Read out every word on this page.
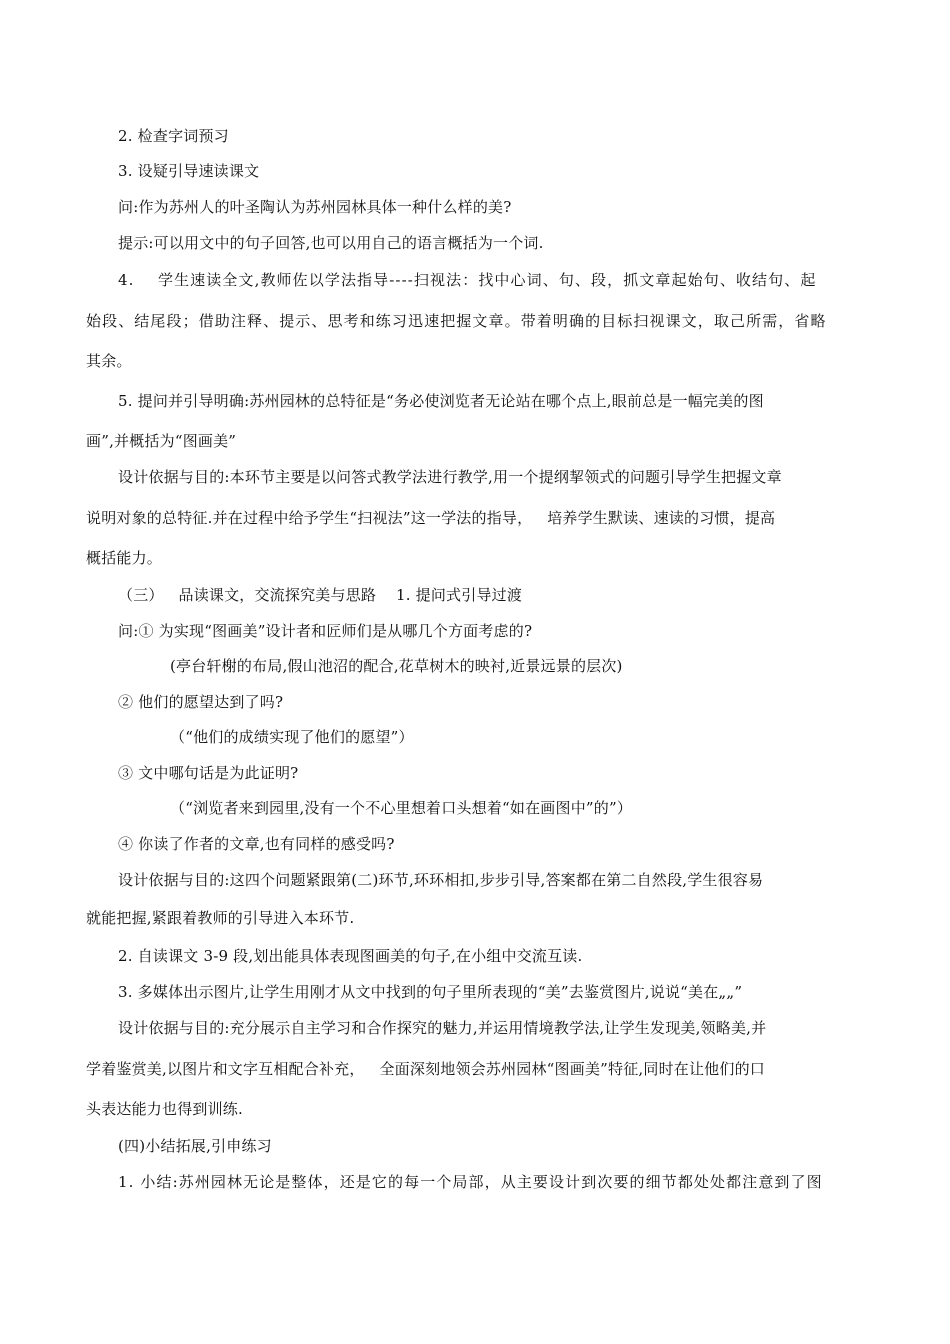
2. 检查字词预习
3. 设疑引导速读课文
问:作为苏州人的叶圣陶认为苏州园林具体一种什么样的美?
提示:可以用文中的句子回答,也可以用自己的语言概括为一个词.
4.    学生速读全文,教师佐以学法指导----扫视法：找中心词、句、段，抓文章起始句、收结句、起
始段、结尾段；借助注释、提示、思考和练习迅速把握文章。带着明确的目标扫视课文，取己所需，省略
其余。
5. 提问并引导明确:苏州园林的总特征是“务必使浏览者无论站在哪个点上,眼前总是一幅完美的图
画”,并概括为“图画美”
设计依据与目的:本环节主要是以问答式教学法进行教学,用一个提纲挈领式的问题引导学生把握文章
说明对象的总特征.并在过程中给予学生“扫视法”这一学法的指导，   培养学生默读、速读的习惯，提高
概括能力。
（三）   品读课文，交流探究美与思路    1. 提问式引导过渡
问:① 为实现“图画美”设计者和匠师们是从哪几个方面考虑的?
(亭台轩榭的布局,假山池沼的配合,花草树木的映衬,近景远景的层次)
② 他们的愿望达到了吗?
（“他们的成绩实现了他们的愿望”）
③ 文中哪句话是为此证明?
（“浏览者来到园里,没有一个不心里想着口头想着“如在画图中”的”）
④ 你读了作者的文章,也有同样的感受吗?
设计依据与目的:这四个问题紧跟第(二)环节,环环相扣,步步引导,答案都在第二自然段,学生很容易
就能把握,紧跟着教师的引导进入本环节.
2. 自读课文 3-9 段,划出能具体表现图画美的句子,在小组中交流互读.
3. 多媒体出示图片,让学生用刚才从文中找到的句子里所表现的“美”去鉴赏图片,说说“美在„„”
设计依据与目的:充分展示自主学习和合作探究的魅力,并运用情境教学法,让学生发现美,领略美,并
学着鉴赏美,以图片和文字互相配合补充，   全面深刻地领会苏州园林“图画美”特征,同时在让他们的口
头表达能力也得到训练.
(四)小结拓展,引申练习
1. 小结:苏州园林无论是整体，还是它的每一个局部，从主要设计到次要的细节都处处都注意到了图
